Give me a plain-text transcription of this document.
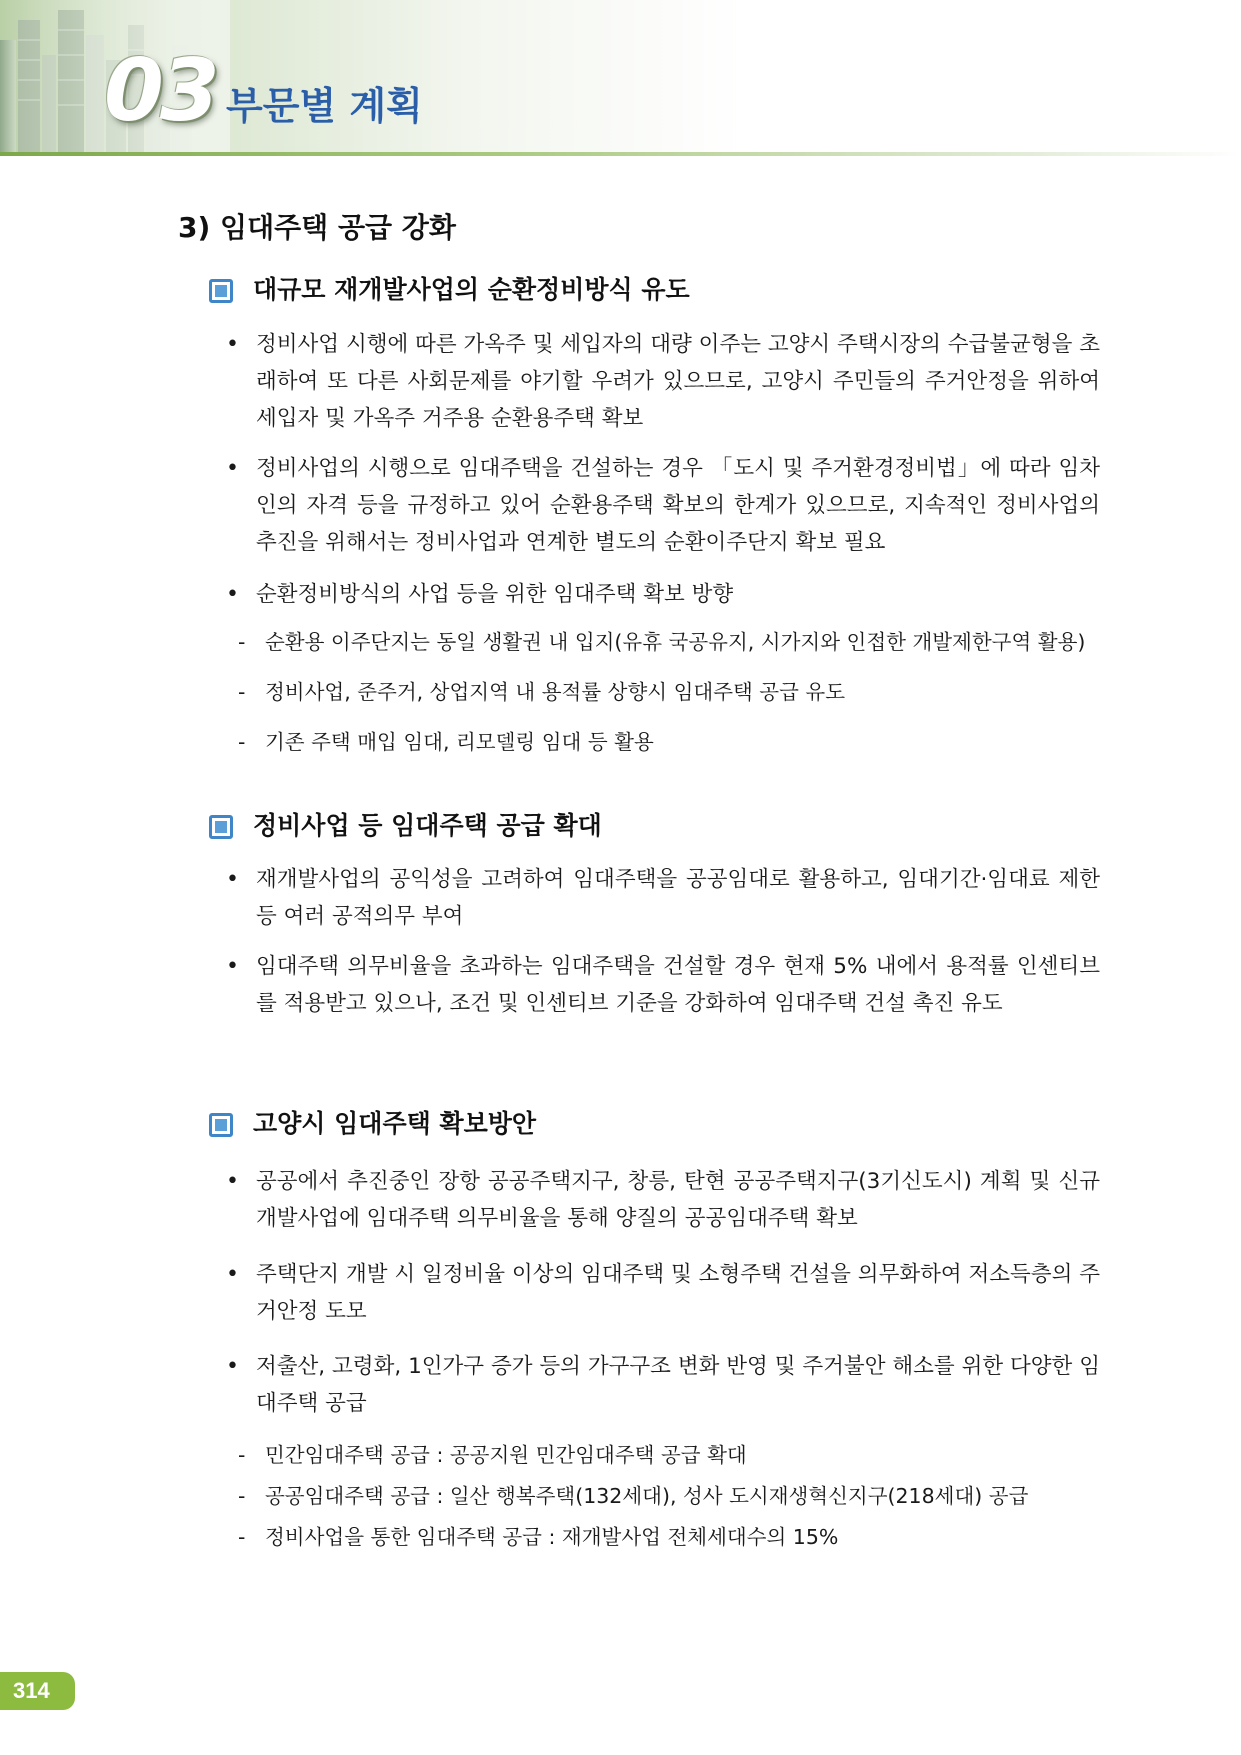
03 부문별 계획
3) 임대주택 공급 강화
대규모 재개발사업의 순환정비방식 유도
• 정비사업 시행에 따른 가옥주 및 세입자의 대량 이주는 고양시 주택시장의 수급불균형을 초래하여 또 다른 사회문제를 야기할 우려가 있으므로, 고양시 주민들의 주거안정을 위하여 세입자 및 가옥주 거주용 순환용주택 확보
• 정비사업의 시행으로 임대주택을 건설하는 경우 「도시 및 주거환경정비법」에 따라 임차인의 자격 등을 규정하고 있어 순환용주택 확보의 한계가 있으므로, 지속적인 정비사업의 추진을 위해서는 정비사업과 연계한 별도의 순환이주단지 확보 필요
• 순환정비방식의 사업 등을 위한 임대주택 확보 방향
- 순환용 이주단지는 동일 생활권 내 입지(유휴 국공유지, 시가지와 인접한 개발제한구역 활용)
- 정비사업, 준주거, 상업지역 내 용적률 상향시 임대주택 공급 유도
- 기존 주택 매입 임대, 리모델링 임대 등 활용
정비사업 등 임대주택 공급 확대
• 재개발사업의 공익성을 고려하여 임대주택을 공공임대로 활용하고, 임대기간·임대료 제한 등 여러 공적의무 부여
• 임대주택 의무비율을 초과하는 임대주택을 건설할 경우 현재 5% 내에서 용적률 인센티브를 적용받고 있으나, 조건 및 인센티브 기준을 강화하여 임대주택 건설 촉진 유도
고양시 임대주택 확보방안
• 공공에서 추진중인 장항 공공주택지구, 창릉, 탄현 공공주택지구(3기신도시) 계획 및 신규 개발사업에 임대주택 의무비율을 통해 양질의 공공임대주택 확보
• 주택단지 개발 시 일정비율 이상의 임대주택 및 소형주택 건설을 의무화하여 저소득층의 주거안정 도모
• 저출산, 고령화, 1인가구 증가 등의 가구구조 변화 반영 및 주거불안 해소를 위한 다양한 임대주택 공급
- 민간임대주택 공급 : 공공지원 민간임대주택 공급 확대
- 공공임대주택 공급 : 일산 행복주택(132세대), 성사 도시재생혁신지구(218세대) 공급
- 정비사업을 통한 임대주택 공급 : 재개발사업 전체세대수의 15%
314
